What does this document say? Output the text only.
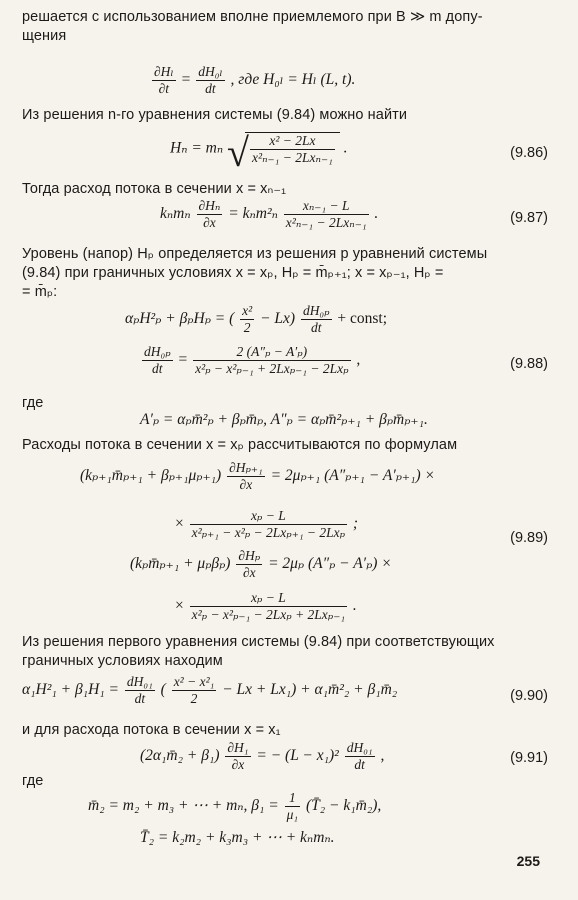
решается с использованием вполне приемлемого при B ≫ m допу-
щения
$\frac{\text{∂Hₗ}}{\partial t} = \frac{\text{dH₀ₗ}}{dt}$ , где H₀ₗ = Hₗ (L, t).
Из решения n-го уравнения системы (9.84) можно найти
Hₙ = mₙ √ $\frac{\text{x² − 2Lx}}{\text{x²ₙ₋₁ − 2Lxₙ₋₁}}$ .	(9.86)
Тогда расход потока в сечении x = xₙ₋₁
kₙmₙ $\frac{\text{∂Hₙ}}{\partial x} = k_nm^2_n \frac{\text{xₙ₋₁ − L}}{\text{x²ₙ₋₁ − 2Lxₙ₋₁}}$ .	(9.87)
Уровень (напор) Hₚ определяется из решения p уравнений системы
(9.84) при граничных условиях x = xₚ, Hₚ = m̄ₚ₊₁; x = xₚ₋₁, Hₚ =
= m̄ₚ:
αₚH²ₚ + βₚHₚ = ( $\frac{\text{x²}}{2} - Lx) \frac{\text{dH₀ₚ}}{dt}$ + const;
$\frac{\text{dH₀ₚ}}{dt} = \frac{\text{2 (A″ₚ − A′ₚ)}}{\text{x²ₚ − x²ₚ₋₁ + 2Lxₚ₋₁ − 2Lxₚ}}$ ,	(9.88)
где
A′ₚ = αₚm̄²ₚ + βₚm̄ₚ, A″ₚ = αₚm̄²ₚ₊₁ + βₚm̄ₚ₊₁.
Расходы потока в сечении x = xₚ рассчитываются по формулам
(kₚ₊₁m̄ₚ₊₁ + $\beta_{p+1}\mu_{p+1}) \frac{\text{∂Hₚ₊₁}}{\partial x} = 2\mu_{p+1}$ (A″ₚ₊₁ − A′ₚ₊₁) ×
× $\frac{\text{xₚ − L}}{\text{x²ₚ₊₁ − x²ₚ − 2Lxₚ₊₁ − 2Lxₚ}}$ ;
(9.89)
(kₚm̄ₚ₊₁ + $\mu_p\beta_p) \frac{\text{∂Hₚ}}{\partial x} = 2\mu_p$ (A″ₚ − A′ₚ) ×
× $\frac{\text{xₚ − L}}{\text{x²ₚ − x²ₚ₋₁ − 2Lxₚ + 2Lxₚ₋₁}}$ .
Из решения первого уравнения системы (9.84) при соответствующих
граничных условиях находим
$\alpha_1H^2_1 + \beta_1H_1 = \frac{\text{dH₀₁}}{dt}$ ( $\frac{\text{x² − x²₁}}{2} - Lx + Lx_1$) + α₁m̄²₂ + β₁m̄₂	(9.90)
и для расхода потока в сечении x = x₁
(2α₁m̄₂ + $\beta_1) \frac{\text{∂H₁}}{\partial x}$ = − $(L - x_1)^2 \frac{\text{dH₀₁}}{dt}$ ,	(9.91)
где
m̄₂ = m₂ + m₃ + ⋯ + mₙ, $\beta_1 = \frac{1}{\text{μ₁}}$ (T̄₂ − k₁m̄₂),
T̄₂ = k₂m₂ + k₃m₃ + ⋯ + kₙmₙ.
255
